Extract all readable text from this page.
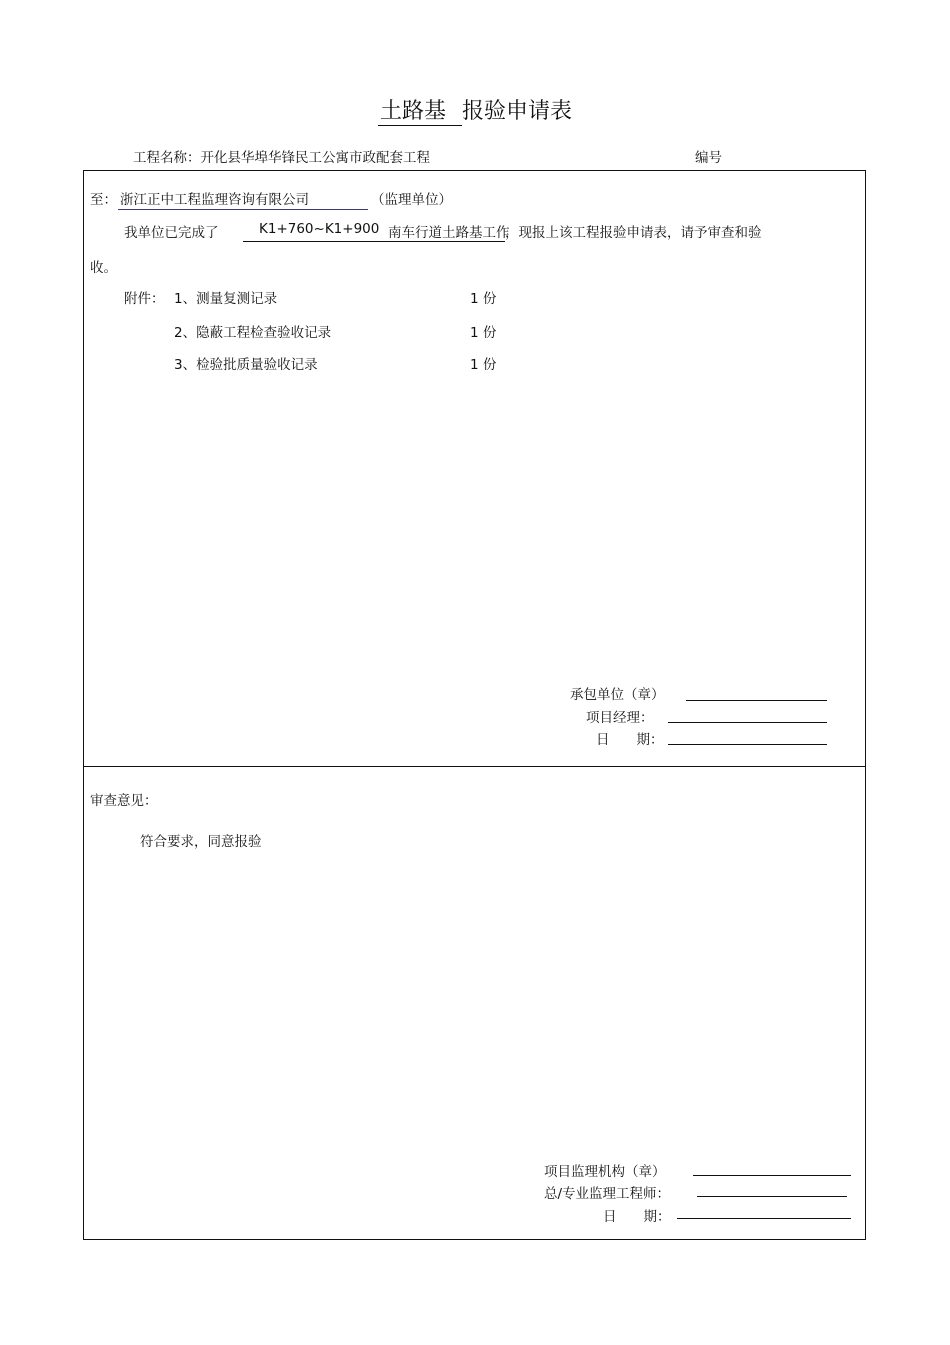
土路基 报验申请表
工程名称：开化县华埠华锋民工公寓市政配套工程	编号
至： 浙江正中工程监理咨询有限公司	（监理单位）
我单位已完成了	K1+760~K1+900 南车行道土路基工作
，现报上该工程报验申请表，请予审查和验
收。
附件： 1、测量复测记录	1 份
2、隐蔽工程检查验收记录	1 份
3、检验批质量验收记录	1 份
承包单位（章）
项目经理：
日　　期：
审查意见：
符合要求，同意报验
项目监理机构（章）
总/专业监理工程师：
日　　期：
